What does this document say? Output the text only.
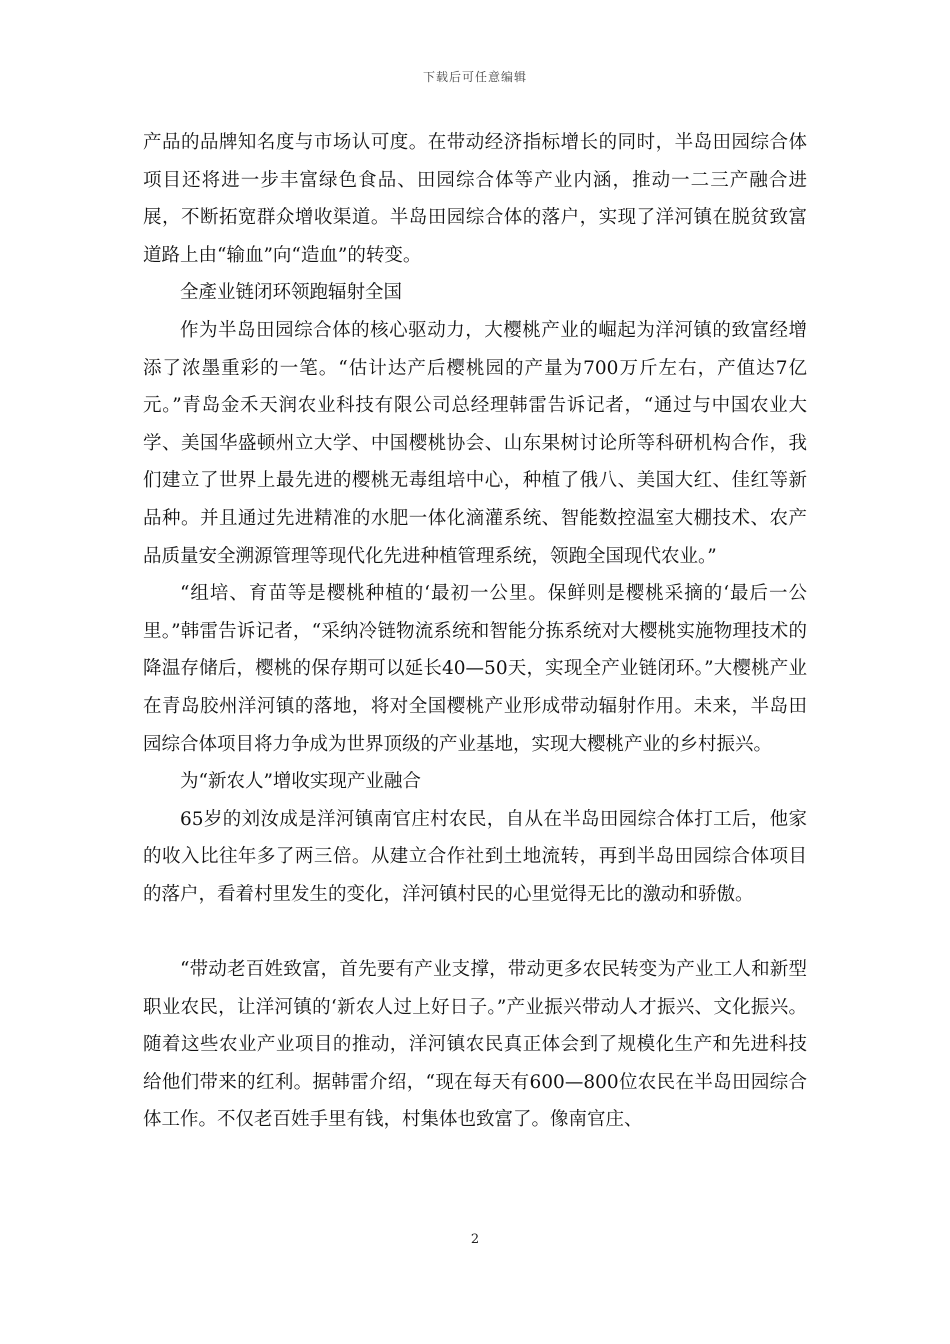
下载后可任意编辑

产品的品牌知名度与市场认可度。在带动经济指标增长的同时，半岛田园综合体项目还将进一步丰富绿色食品、田园综合体等产业内涵，推动一二三产融合进展，不断拓宽群众增收渠道。半岛田园综合体的落户，实现了洋河镇在脱贫致富道路上由“输血”向“造血”的转变。

全產业链闭环领跑辐射全国

作为半岛田园综合体的核心驱动力，大樱桃产业的崛起为洋河镇的致富经增添了浓墨重彩的一笔。“估计达产后樱桃园的产量为700万斤左右，产值达7亿元。”青岛金禾天润农业科技有限公司总经理韩雷告诉记者，“通过与中国农业大学、美国华盛顿州立大学、中国樱桃协会、山东果树讨论所等科研机构合作，我们建立了世界上最先进的樱桃无毒组培中心，种植了俄八、美国大红、佳红等新品种。并且通过先进精准的水肥一体化滴灌系统、智能数控温室大棚技术、农产品质量安全溯源管理等现代化先进种植管理系统，领跑全国现代农业。”

“组培、育苗等是樱桃种植的‘最初一公里。保鲜则是樱桃采摘的‘最后一公里。”韩雷告诉记者，“采纳冷链物流系统和智能分拣系统对大樱桃实施物理技术的降温存储后，樱桃的保存期可以延长40—50天，实现全产业链闭环。”大樱桃产业在青岛胶州洋河镇的落地，将对全国樱桃产业形成带动辐射作用。未来，半岛田园综合体项目将力争成为世界顶级的产业基地，实现大樱桃产业的乡村振兴。

为“新农人”增收实现产业融合

65岁的刘汝成是洋河镇南官庄村农民，自从在半岛田园综合体打工后，他家的收入比往年多了两三倍。从建立合作社到土地流转，再到半岛田园综合体项目的落户，看着村里发生的变化，洋河镇村民的心里觉得无比的激动和骄傲。

“带动老百姓致富，首先要有产业支撑，带动更多农民转变为产业工人和新型职业农民，让洋河镇的‘新农人过上好日子。”产业振兴带动人才振兴、文化振兴。随着这些农业产业项目的推动，洋河镇农民真正体会到了规模化生产和先进科技给他们带来的红利。据韩雷介绍，“现在每天有600—800位农民在半岛田园综合体工作。不仅老百姓手里有钱，村集体也致富了。像南官庄、

2
